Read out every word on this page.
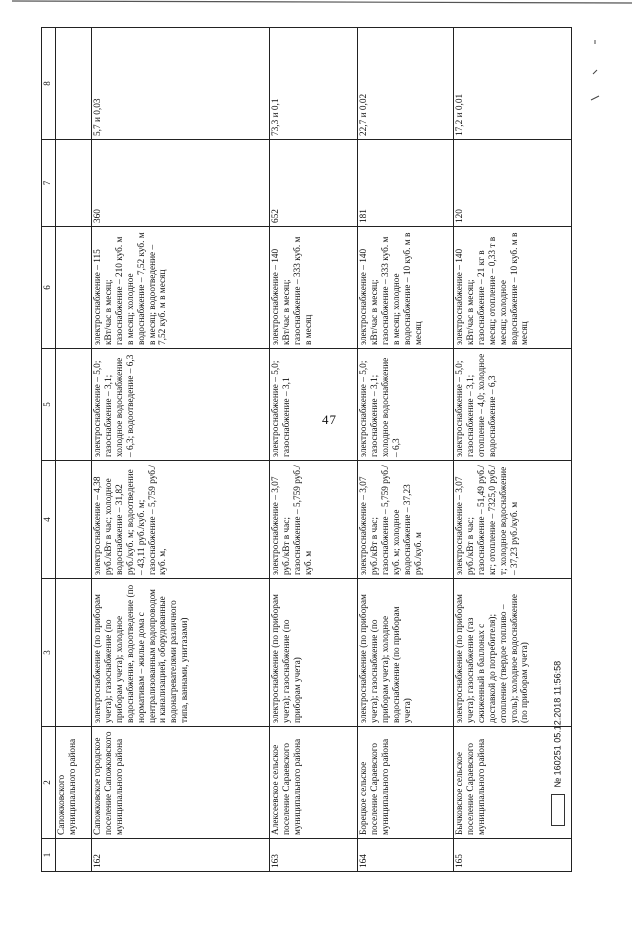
47
1	2	3	4	5	6	7	8
	Сапожковского муниципального района						
162	Сапожковское городское поселение Сапожковского муниципального района	электроснабжение (по приборам учета); газоснабжение (по приборам учета); холодное водоснабжение, водоотведение (по нормативам – жилые дома с централизованным водопроводом и канализацией, оборудованные водонагревателями различного типа, ваннами, унитазами)	электроснабжение – 4,38 руб./кВт в час; холодное водоснабжение – 31,82 руб./куб. м; водоотведение – 43,11 руб./куб. м; газоснабжение – 5,759 руб./куб. м,	электроснабжение – 5,0; газоснабжение – 3,1; холодное водоснабжение – 6,3; водоотведение – 6,3	электроснабжение – 115 кВт/час в месяц; газоснабжение – 210 куб. м в месяц; холодное водоснабжение – 7,52 куб. м в месяц; водоотведение – 7,52 куб. м в месяц	360	5,7 и 0,03
163	Алексеевское сельское поселение Сараевского муниципального района	электроснабжение (по приборам учета); газоснабжение (по приборам учета)	электроснабжение – 3,07 руб./кВт в час; газоснабжение – 5,759 руб./куб. м	электроснабжение – 5,0; газоснабжение – 3,1	электроснабжение – 140 кВт/час в месяц; газоснабжение – 333 куб. м в месяц	652	73,3 и 0,1
164	Борецкое сельское поселение Сараевского муниципального района	электроснабжение (по приборам учета); газоснабжение (по приборам учета); холодное водоснабжение (по приборам учета)	электроснабжение – 3,07 руб./кВт в час; газоснабжение – 5,759 руб./куб. м; холодное водоснабжение – 37,23 руб./куб. м	электроснабжение – 5,0; газоснабжение – 3,1; холодное водоснабжение – 6,3	электроснабжение – 140 кВт/час в месяц; газоснабжение – 333 куб. м в месяц; холодное водоснабжение – 10 куб. м в месяц	181	22,7 и 0,02
165	Бычковское сельское поселение Сараевского муниципального района	электроснабжение (по приборам учета); газоснабжение (газ сжиженный в баллонах с доставкой до потребителя); отопление (твердое топливо – уголь); холодное водоснабжение (по приборам учета)	электроснабжение – 3,07 руб./кВт в час; газоснабжение – 51,49 руб./кг; отопление – 7325,0 руб./т; холодное водоснабжение – 37,23 руб./куб. м	электроснабжение – 5,0; газоснабжение – 3,1; отопление – 4,0; холодное водоснабжение – 6,3	электроснабжение – 140 кВт/час в месяц; газоснабжение – 21 кг в месяц; отопление – 0,33 т в месяц; холодное водоснабжение – 10 куб. м в месяц	120	17,2 и 0,01
№ 160251 05.12.2018 11:56:58
